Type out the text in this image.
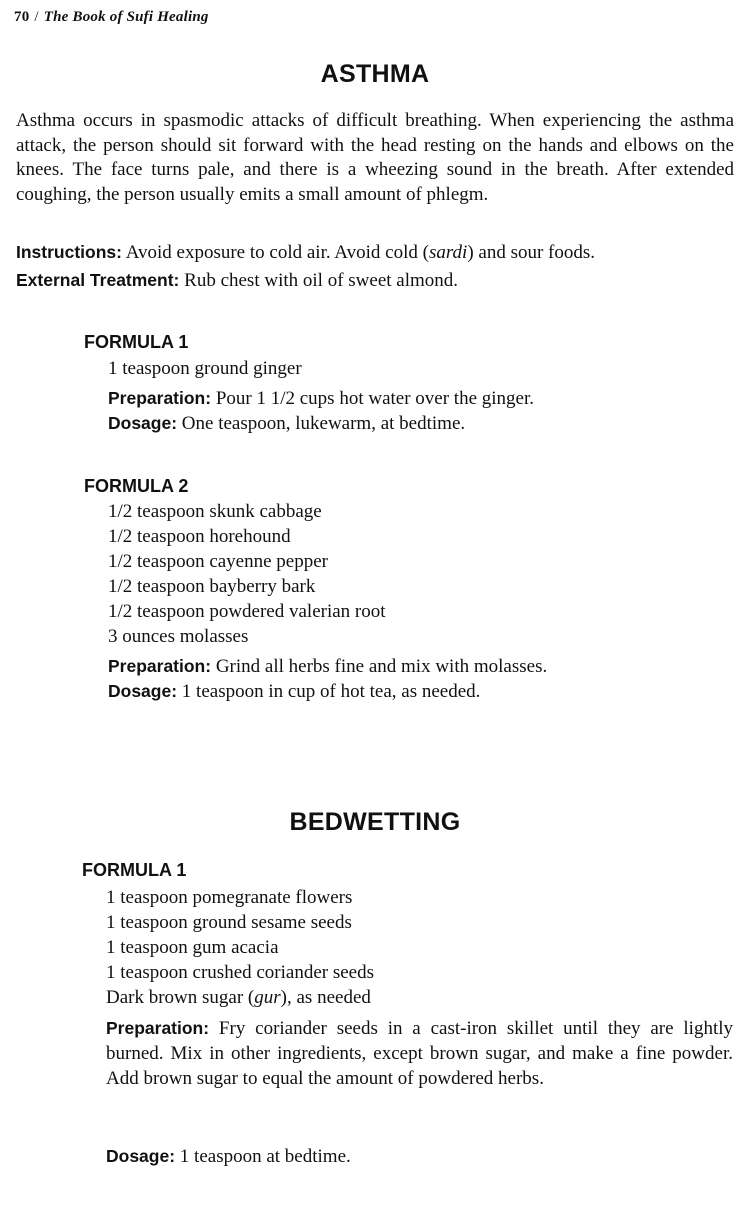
70 / The Book of Sufi Healing
ASTHMA

Asthma occurs in spasmodic attacks of difficult breathing. When experiencing the asthma attack, the person should sit forward with the head resting on the hands and elbows on the knees. The face turns pale, and there is a wheezing sound in the breath. After extended coughing, the person usually emits a small amount of phlegm.

Instructions: Avoid exposure to cold air. Avoid cold (sardi) and sour foods.

External Treatment: Rub chest with oil of sweet almond.

FORMULA 1

1 teaspoon ground ginger

Preparation: Pour 1 1/2 cups hot water over the ginger.

Dosage: One teaspoon, lukewarm, at bedtime.

FORMULA 2

1/2 teaspoon skunk cabbage
1/2 teaspoon horehound
1/2 teaspoon cayenne pepper
1/2 teaspoon bayberry bark
1/2 teaspoon powdered valerian root
3 ounces molasses

Preparation: Grind all herbs fine and mix with molasses.

Dosage: 1 teaspoon in cup of hot tea, as needed.

BEDWETTING

FORMULA 1

1 teaspoon pomegranate flowers
1 teaspoon ground sesame seeds
1 teaspoon gum acacia
1 teaspoon crushed coriander seeds
Dark brown sugar (gur), as needed

Preparation: Fry coriander seeds in a cast-iron skillet until they are lightly burned. Mix in other ingredients, except brown sugar, and make a fine powder. Add brown sugar to equal the amount of powdered herbs.

Dosage: 1 teaspoon at bedtime.
